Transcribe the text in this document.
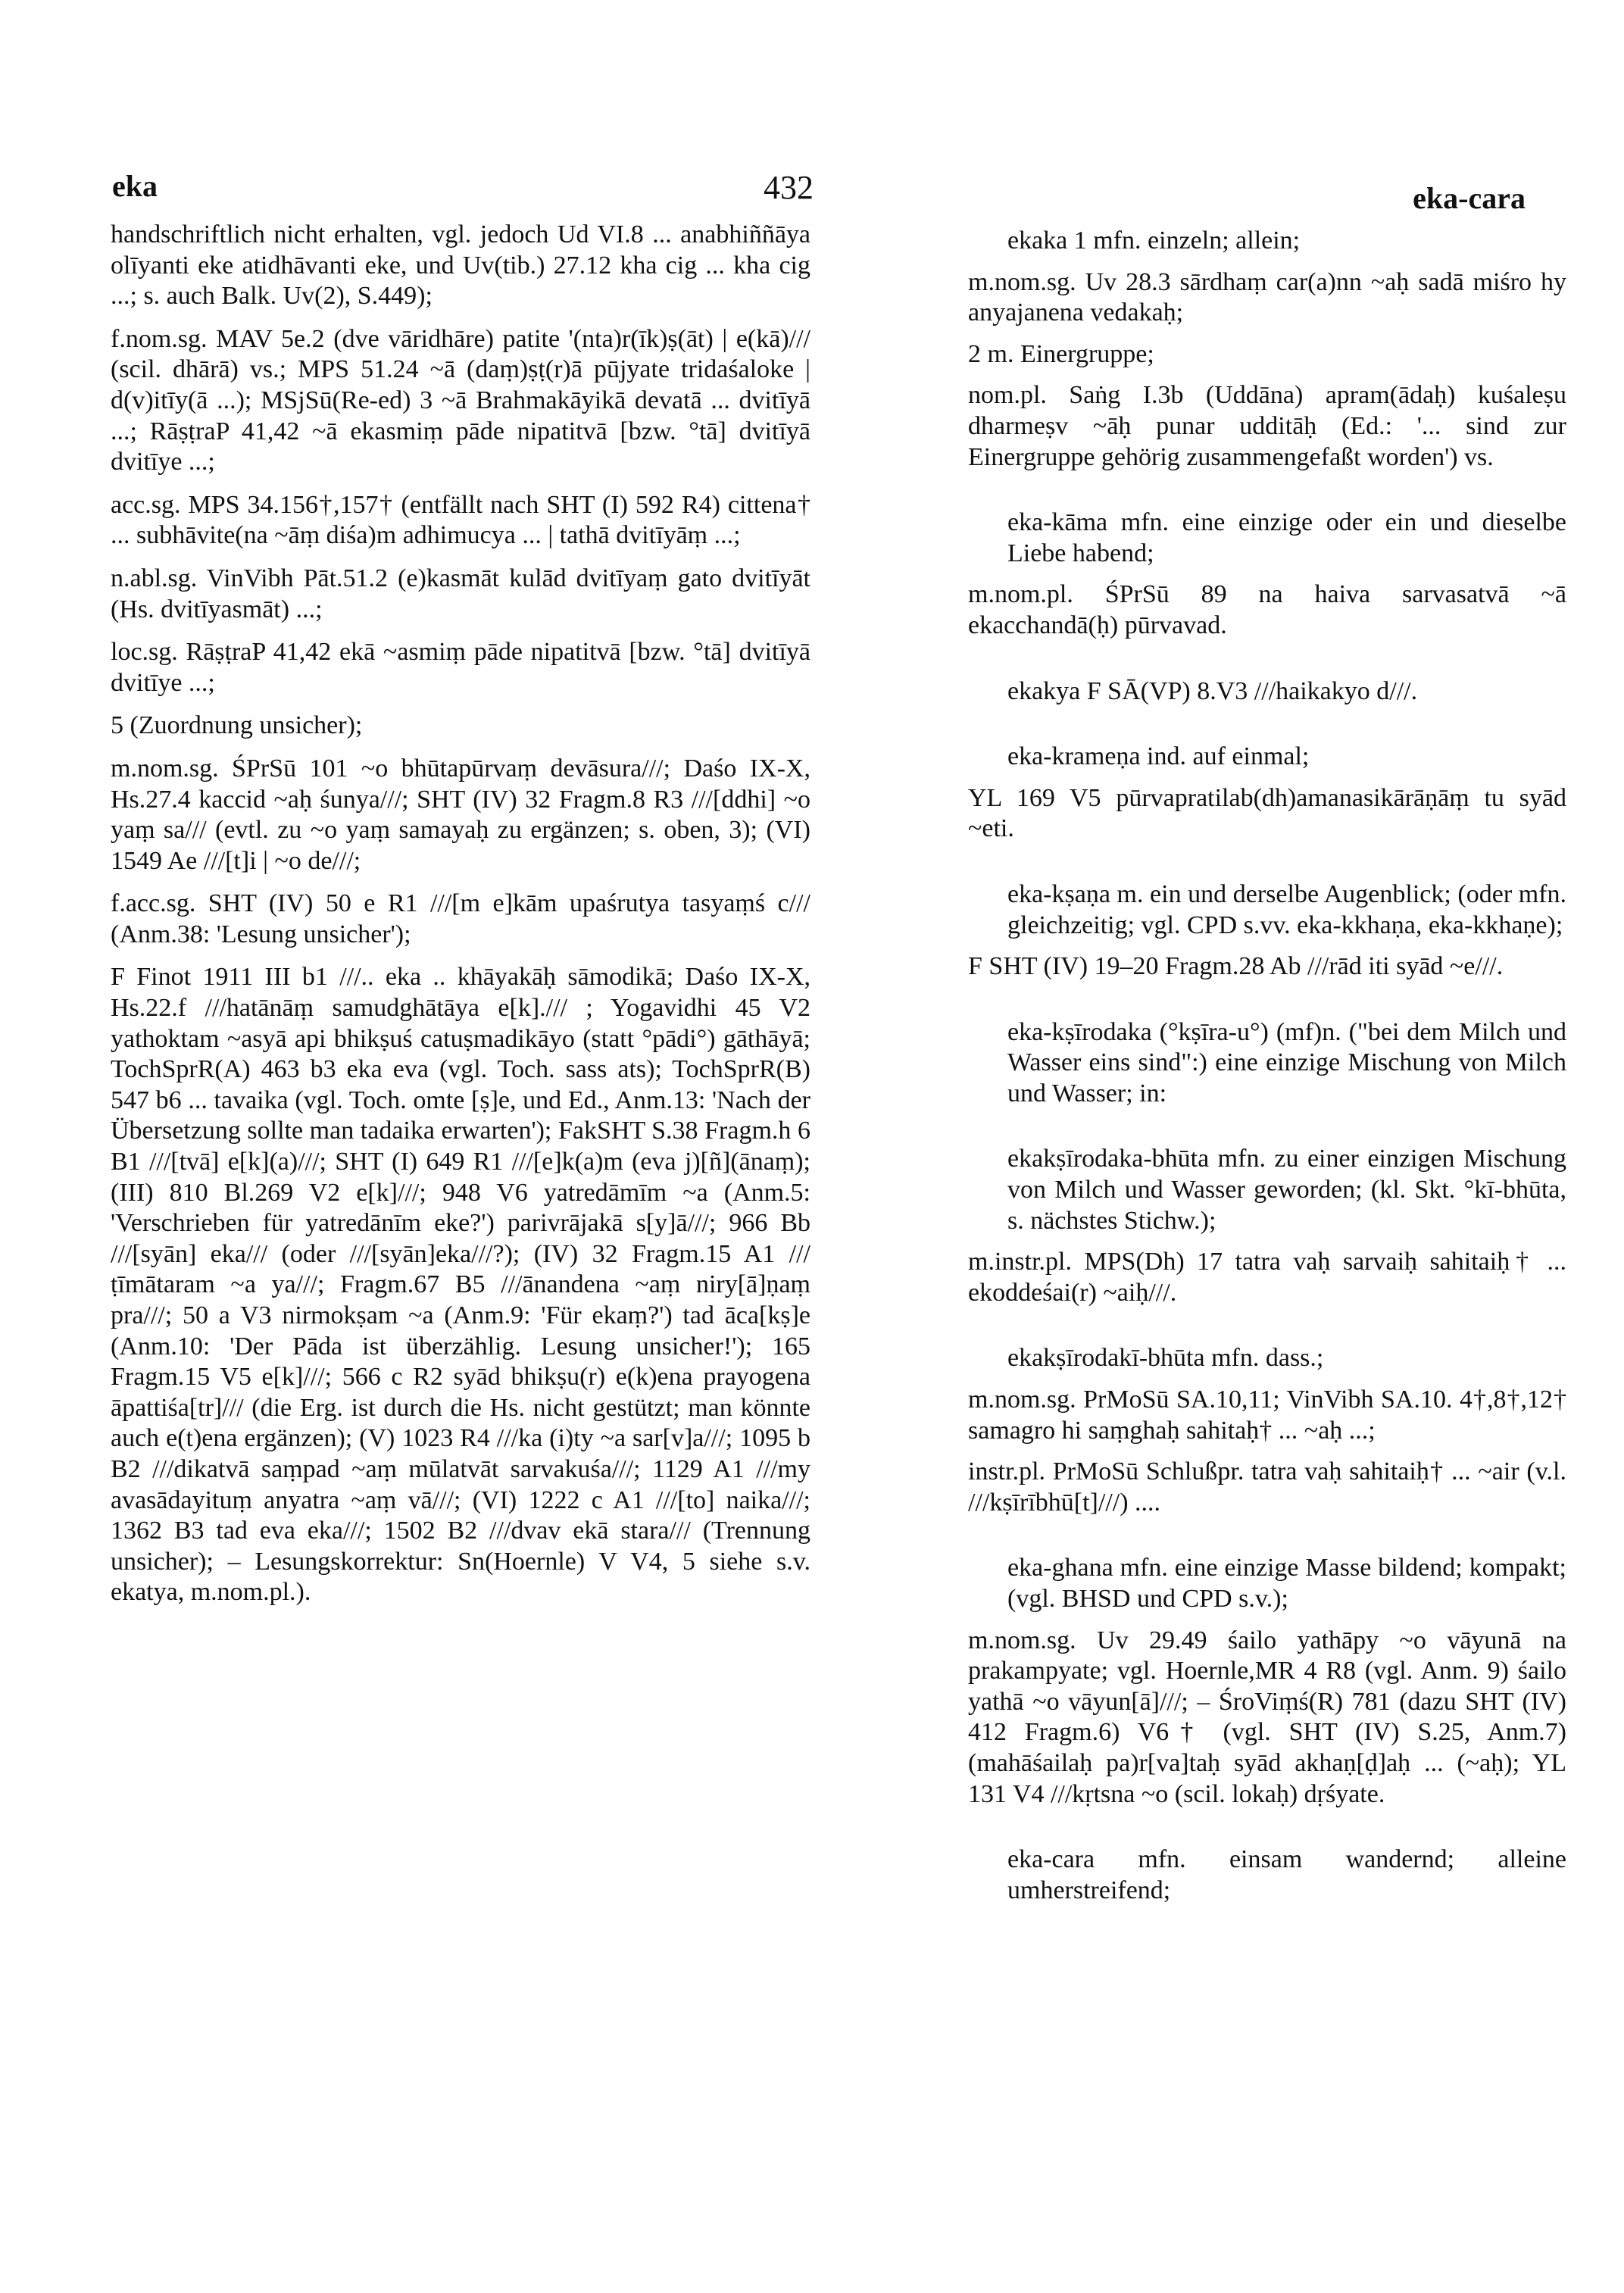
eka	432	eka-cara

handschriftlich nicht erhalten, vgl. jedoch Ud VI.8 ... anabhiññāya olīyanti eke atidhāvanti eke, und Uv(tib.) 27.12 kha cig ... kha cig ...; s. auch Balk. Uv(2), S.449);

f.nom.sg. MAV 5e.2 (dve vāridhāre) patite '(nta)r(īk)ṣ(āt) | e(kā)/// (scil. dhārā) vs.; MPS 51.24 ~ā (daṃ)ṣṭ(r)ā pūjyate tridaśaloke | d(v)itīy(ā ...); MSjSū(Re-ed) 3 ~ā Brahmakāyikā devatā ... dvitīyā ...; RāṣṭraP 41,42 ~ā ekasmiṃ pāde nipatitvā [bzw. °tā] dvitīyā dvitīye ...;

acc.sg. MPS 34.156†,157† (entfällt nach SHT (I) 592 R4) cittena† ... subhāvite(na ~āṃ diśa)m adhimucya ... | tathā dvitīyāṃ ...;

n.abl.sg. VinVibh Pāt.51.2 (e)kasmāt kulād dvitīyaṃ gato dvitīyāt (Hs. dvitīyasmāt) ...;

loc.sg. RāṣṭraP 41,42 ekā ~asmiṃ pāde nipatitvā [bzw. °tā] dvitīyā dvitīye ...;

5 (Zuordnung unsicher);

m.nom.sg. ŚPrSū 101 ~o bhūtapūrvaṃ devāsura///; Daśo IX-X, Hs.27.4 kaccid ~aḥ śunya///; SHT (IV) 32 Fragm.8 R3 ///[ddhi] ~o yaṃ sa/// (evtl. zu ~o yaṃ samayaḥ zu ergänzen; s. oben, 3); (VI) 1549 Ae ///[t]i | ~o de///;

f.acc.sg. SHT (IV) 50 e R1 ///[m e]kām upaśrutya tasyaṃś c/// (Anm.38: 'Lesung unsicher');

F Finot 1911 III b1 ///.. eka .. khāyakāḥ sāmodikā; Daśo IX-X, Hs.22.f ///hatānāṃ samudghātāya e[k]./// ; Yogavidhi 45 V2 yathoktam ~asyā api bhikṣuś catuṣmadikāyo (statt °pādi°) gāthāyā; TochSprR(A) 463 b3 eka eva (vgl. Toch. sass ats); TochSprR(B) 547 b6 ... tavaika (vgl. Toch. omte [ṣ]e, und Ed., Anm.13: 'Nach der Übersetzung sollte man tadaika erwarten'); FakSHT S.38 Fragm.h 6 B1 ///[tvā] e[k](a)///; SHT (I) 649 R1 ///[e]k(a)m (eva j)[ñ](ānaṃ); (III) 810 Bl.269 V2 e[k]///; 948 V6 yatredāmīm ~a (Anm.5: 'Verschrieben für yatredānīm eke?') parivrājakā s[y]ā///; 966 Bb ///[syān] eka/// (oder ///[syān]eka///?); (IV) 32 Fragm.15 A1 ///ṭīmātaram ~a ya///; Fragm.67 B5 ///ānandena ~aṃ niry[ā]ṇaṃ pra///; 50 a V3 nirmokṣam ~a (Anm.9: 'Für ekaṃ?') tad āca[kṣ]e (Anm.10: 'Der Pāda ist überzählig. Lesung unsicher!'); 165 Fragm.15 V5 e[k]///; 566 c R2 syād bhikṣu(r) e(k)ena prayogena āpattiśa[tr]/// (die Erg. ist durch die Hs. nicht gestützt; man könnte auch e(t)ena ergänzen); (V) 1023 R4 ///ka (i)ty ~a sar[v]a///; 1095 b B2 ///dikatvā saṃpad ~aṃ mūlatvāt sarvakuśa///; 1129 A1 ///my avasādayituṃ anyatra ~aṃ vā///; (VI) 1222 c A1 ///[to] naika///; 1362 B3 tad eva eka///; 1502 B2 ///dvav ekā stara/// (Trennung unsicher); – Lesungskorrektur: Sn(Hoernle) V V4, 5 siehe s.v. ekatya, m.nom.pl.).

ekaka 1 mfn. einzeln; allein;

m.nom.sg. Uv 28.3 sārdhaṃ car(a)nn ~aḥ sadā miśro hy anyajanena vedakaḥ;

2 m. Einergruppe;

nom.pl. Saṅg I.3b (Uddāna) apram(ādaḥ) kuśaleṣu dharmeṣv ~āḥ punar udditāḥ (Ed.: '... sind zur Einergruppe gehörig zusammengefaßt worden') vs.

eka-kāma mfn. eine einzige oder ein und dieselbe Liebe habend;

m.nom.pl. ŚPrSū 89 na haiva sarvasatvā ~ā ekacchandā(ḥ) pūrvavad.

ekakya F SĀ(VP) 8.V3 ///haikakyo d///.

eka-krameṇa ind. auf einmal;

YL 169 V5 pūrvapratilab(dh)amanasikārāṇāṃ tu syād ~eti.

eka-kṣaṇa m. ein und derselbe Augenblick; (oder mfn. gleichzeitig; vgl. CPD s.vv. eka-kkhaṇa, eka-kkhaṇe);

F SHT (IV) 19–20 Fragm.28 Ab ///rād iti syād ~e///.

eka-kṣīrodaka (°kṣīra-u°) (mf)n. ("bei dem Milch und Wasser eins sind":) eine einzige Mischung von Milch und Wasser; in:

ekakṣīrodaka-bhūta mfn. zu einer einzigen Mischung von Milch und Wasser geworden; (kl. Skt. °kī-bhūta, s. nächstes Stichw.);

m.instr.pl. MPS(Dh) 17 tatra vaḥ sarvaiḥ sahitaiḥ† ... ekoddeśai(r) ~aiḥ///.

ekakṣīrodakī-bhūta mfn. dass.;

m.nom.sg. PrMoSū SA.10,11; VinVibh SA.10. 4†,8†,12† samagro hi saṃghaḥ sahitaḥ† ... ~aḥ ...;

instr.pl. PrMoSū Schlußpr. tatra vaḥ sahitaiḥ† ... ~air (v.l. ///kṣīrībhū[t]///) ....

eka-ghana mfn. eine einzige Masse bildend; kompakt; (vgl. BHSD und CPD s.v.);

m.nom.sg. Uv 29.49 śailo yathāpy ~o vāyunā na prakampyate; vgl. Hoernle,MR 4 R8 (vgl. Anm. 9) śailo yathā ~o vāyun[ā]///; – ŚroViṃś(R) 781 (dazu SHT (IV) 412 Fragm.6) V6† (vgl. SHT (IV) S.25, Anm.7) (mahāśailaḥ pa)r[va]taḥ syād akhaṇ[ḍ]aḥ ... (~aḥ); YL 131 V4 ///kṛtsna ~o (scil. lokaḥ) dṛśyate.

eka-cara mfn. einsam wandernd; alleine umherstreifend;
